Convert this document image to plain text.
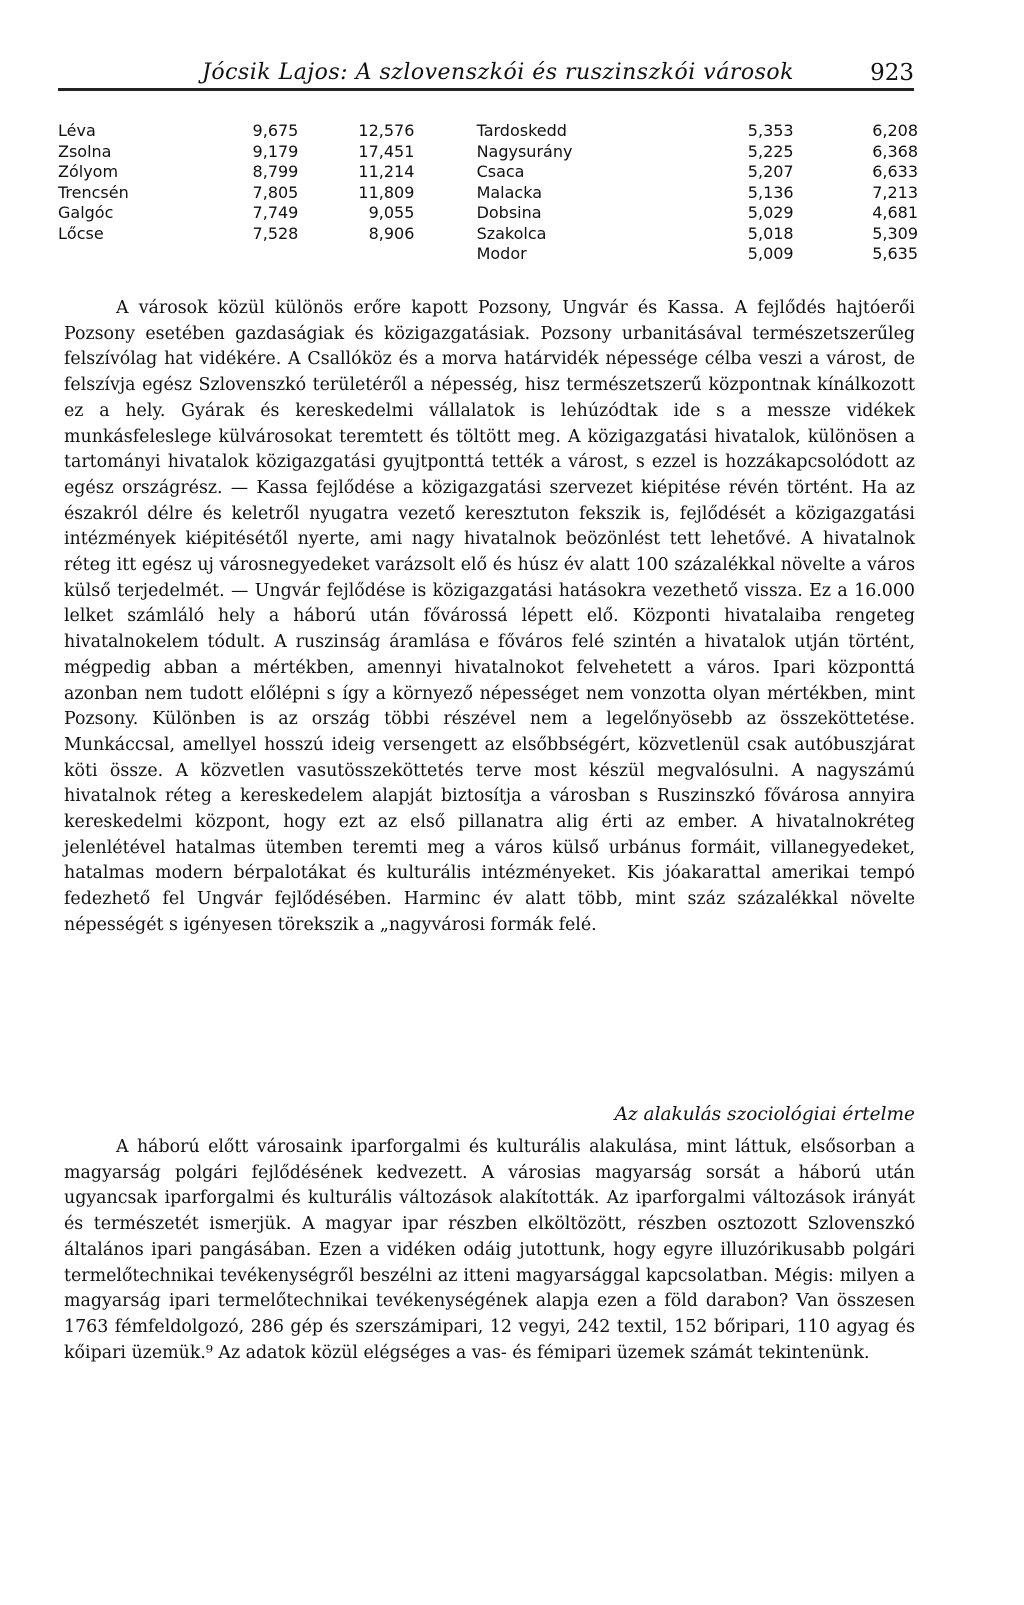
Jócsik Lajos: A szlovenszkói és ruszinszkói városok	923
Léva	9,675	12,576		Tardoskedd	5,353	6,208
Zsolna	9,179	17,451		Nagysurány	5,225	6,368
Zólyom	8,799	11,214		Csaca	5,207	6,633
Trencsén	7,805	11,809		Malacka	5,136	7,213
Galgóc	7,749	9,055		Dobsina	5,029	4,681
Lőcse	7,528	8,906		Szakolca	5,018	5,309
				Modor	5,009	5,635

A városok közül különös erőre kapott Pozsony, Ungvár és Kassa. A fejlődés hajtóerői Pozsony esetében gazdaságiak és közigazgatásiak. Pozsony urbanitásával természetszerűleg felszívólag hat vidékére. A Csallóköz és a morva határvidék népessége célba veszi a várost, de felszívja egész Szlovenszkó területéről a népesség, hisz természetszerű központnak kínálkozott ez a hely. Gyárak és kereskedelmi vállalatok is lehúzódtak ide s a messze vidékek munkásfeleslege külvárosokat teremtett és töltött meg. A közigazgatási hivatalok, különösen a tartományi hivatalok közigazgatási gyujtponttá tették a várost, s ezzel is hozzákapcsolódott az egész országrész. — Kassa fejlődése a közigazgatási szervezet kiépitése révén történt. Ha az északról délre és keletről nyugatra vezető keresztuton fekszik is, fejlődését a közigazgatási intézmények kiépitésétől nyerte, ami nagy hivatalnok beözönlést tett lehetővé. A hivatalnok réteg itt egész uj városnegyedeket varázsolt elő és húsz év alatt 100 százalékkal növelte a város külső terjedelmét. — Ungvár fejlődése is közigazgatási hatásokra vezethető vissza. Ez a 16.000 lelket számláló hely a háború után fővárossá lépett elő. Központi hivatalaiba rengeteg hivatalnokelem tódult. A ruszinság áramlása e főváros felé szintén a hivatalok utján történt, mégpedig abban a mértékben, amennyi hivatalnokot felvehetett a város. Ipari központtá azonban nem tudott előlépni s így a környező népességet nem vonzotta olyan mértékben, mint Pozsony. Különben is az ország többi részével nem a legelőnyösebb az összeköttetése. Munkáccsal, amellyel hosszú ideig versengett az elsőbbségért, közvetlenül csak autóbuszjárat köti össze. A közvetlen vasutösszeköttetés terve most készül megvalósulni. A nagyszámú hivatalnok réteg a kereskedelem alapját biztosítja a városban s Ruszinszkó fővárosa annyira kereskedelmi központ, hogy ezt az első pillanatra alig érti az ember. A hivatalnokréteg jelenlétével hatalmas ütemben teremti meg a város külső urbánus formáit, villanegyedeket, hatalmas modern bérpalotákat és kulturális intézményeket. Kis jóakarattal amerikai tempó fedezhető fel Ungvár fejlődésében. Harminc év alatt több, mint száz százalékkal növelte népességét s igényesen törekszik a „nagyvárosi formák felé.

Az alakulás szociológiai értelme

A háború előtt városaink iparforgalmi és kulturális alakulása, mint láttuk, elsősorban a magyarság polgári fejlődésének kedvezett. A városias magyarság sorsát a háború után ugyancsak iparforgalmi és kulturális változások alakították. Az iparforgalmi változások irányát és természetét ismerjük. A magyar ipar részben elköltözött, részben osztozott Szlovenszkó általános ipari pangásában. Ezen a vidéken odáig jutottunk, hogy egyre illuzórikusabb polgári termelőtechnikai tevékenységről beszélni az itteni magyarsággal kapcsolatban. Mégis: milyen a magyarság ipari termelőtechnikai tevékenységének alapja ezen a föld darabon? Van összesen 1763 fémfeldolgozó, 286 gép és szerszámipari, 12 vegyi, 242 textil, 152 bőripari, 110 agyag és kőipari üzemük.⁹ Az adatok közül elégséges a vas- és fémipari üzemek számát tekintenünk.
